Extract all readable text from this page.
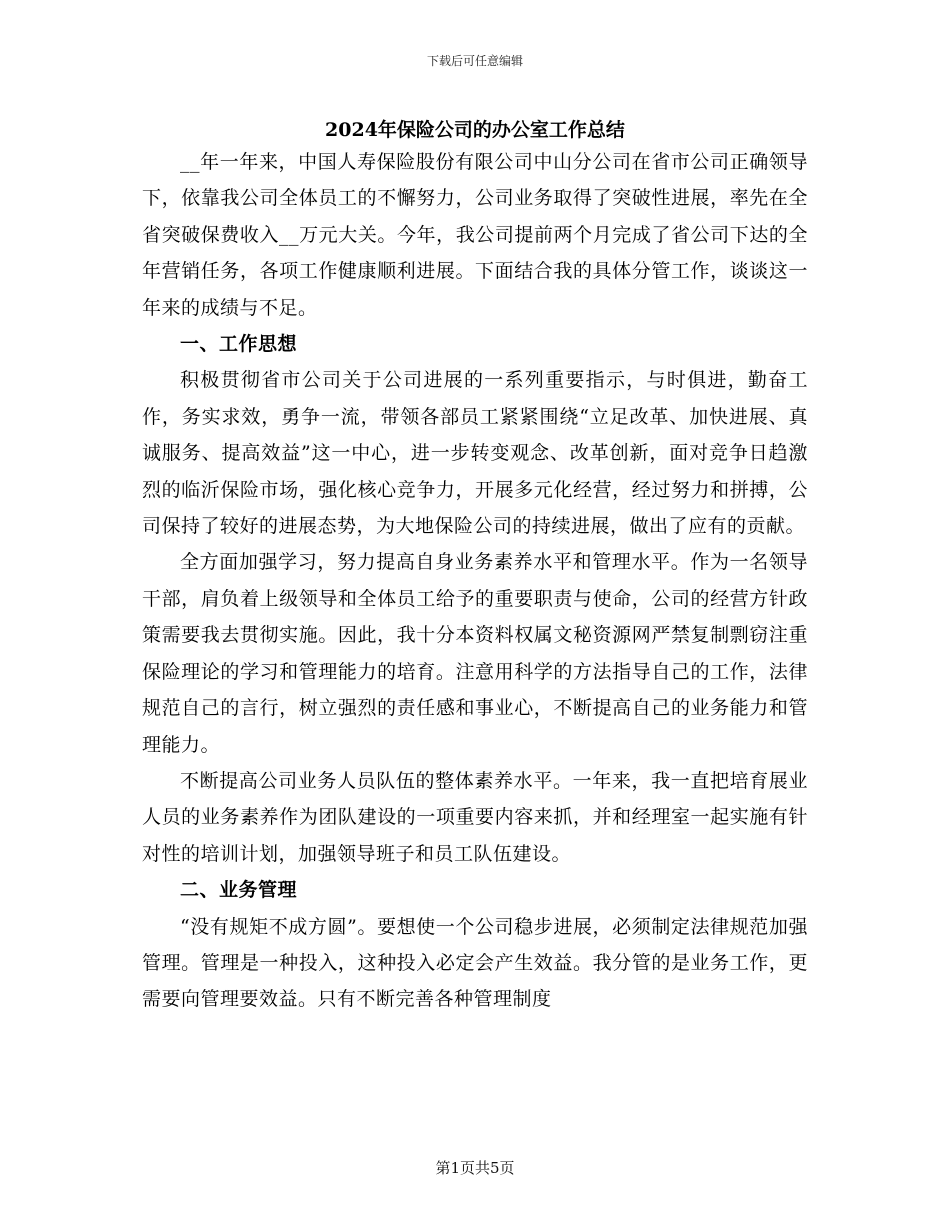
下载后可任意编辑
2024年保险公司的办公室工作总结

__年一年来，中国人寿保险股份有限公司中山分公司在省市公司正确领导下，依靠我公司全体员工的不懈努力，公司业务取得了突破性进展，率先在全省突破保费收入__万元大关。今年，我公司提前两个月完成了省公司下达的全年营销任务，各项工作健康顺利进展。下面结合我的具体分管工作，谈谈这一年来的成绩与不足。

一、工作思想

积极贯彻省市公司关于公司进展的一系列重要指示，与时俱进，勤奋工作，务实求效，勇争一流，带领各部员工紧紧围绕“立足改革、加快进展、真诚服务、提高效益”这一中心，进一步转变观念、改革创新，面对竞争日趋激烈的临沂保险市场，强化核心竞争力，开展多元化经营，经过努力和拼搏，公司保持了较好的进展态势，为大地保险公司的持续进展，做出了应有的贡献。

全方面加强学习，努力提高自身业务素养水平和管理水平。作为一名领导干部，肩负着上级领导和全体员工给予的重要职责与使命，公司的经营方针政策需要我去贯彻实施。因此，我十分本资料权属文秘资源网严禁复制剽窃注重保险理论的学习和管理能力的培育。注意用科学的方法指导自己的工作，法律规范自己的言行，树立强烈的责任感和事业心，不断提高自己的业务能力和管理能力。

不断提高公司业务人员队伍的整体素养水平。一年来，我一直把培育展业人员的业务素养作为团队建设的一项重要内容来抓，并和经理室一起实施有针对性的培训计划，加强领导班子和员工队伍建设。

二、业务管理

“没有规矩不成方圆”。要想使一个公司稳步进展，必须制定法律规范加强管理。管理是一种投入，这种投入必定会产生效益。我分管的是业务工作，更需要向管理要效益。只有不断完善各种管理制度

第1页共5页
